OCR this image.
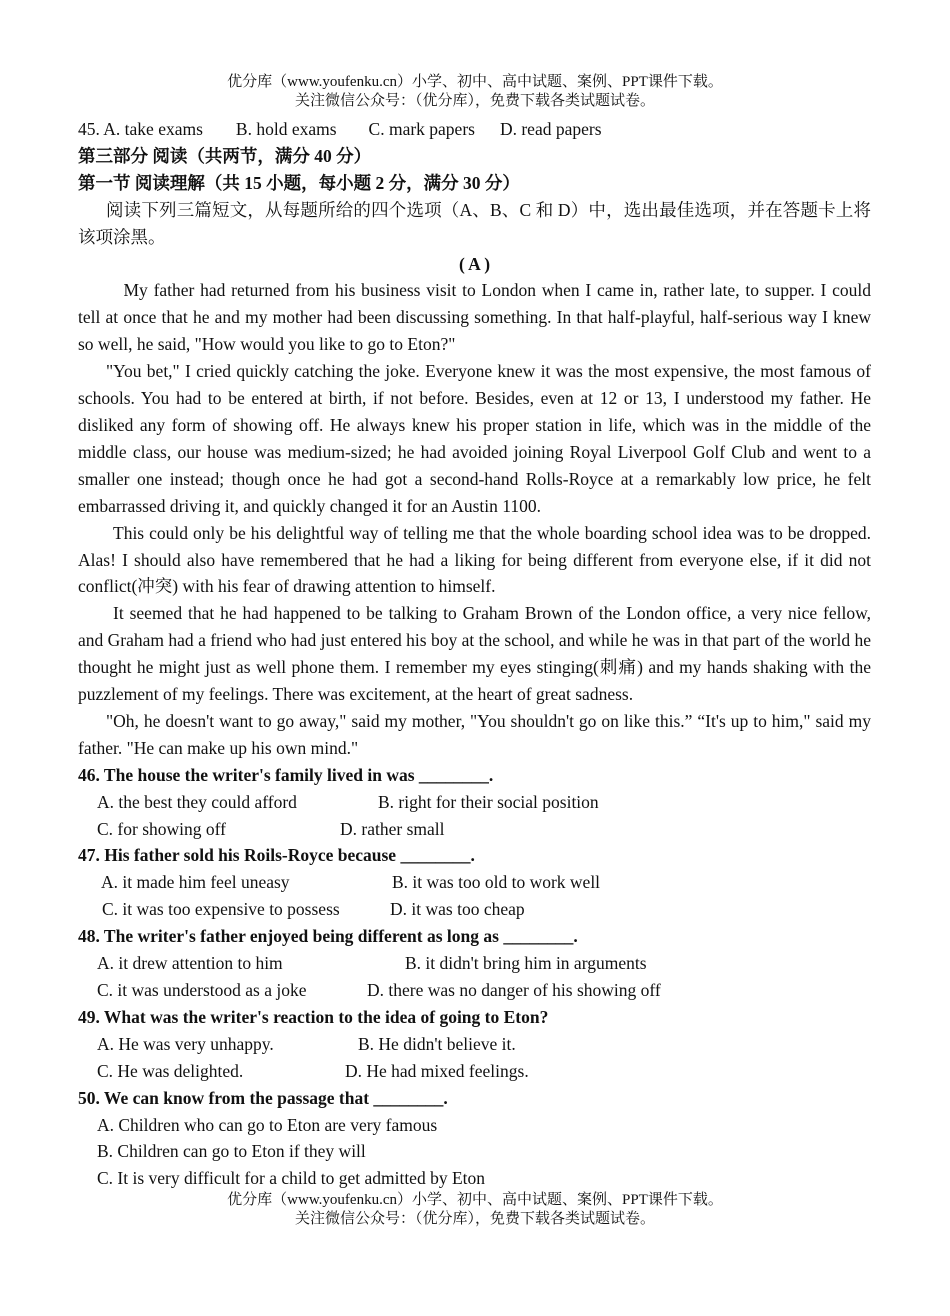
优分库（www.youfenku.cn）小学、初中、高中试题、案例、PPT课件下载。
关注微信公众号：（优分库），免费下载各类试题试卷。
45. A. take exams B. hold exams C. mark papers D. read papers
第三部分 阅读（共两节，满分 40 分）
第一节 阅读理解（共 15 小题，每小题 2 分，满分 30 分）
阅读下列三篇短文，从每题所给的四个选项（A、B、C 和 D）中，选出最佳选项，并在答题卡上将该项涂黑。
( A )
My father had returned from his business visit to London when I came in, rather late, to supper. I could tell at once that he and my mother had been discussing something. In that half-playful, half-serious way I knew so well, he said, "How would you like to go to Eton?"
"You bet," I cried quickly catching the joke. Everyone knew it was the most expensive, the most famous of schools. You had to be entered at birth, if not before. Besides, even at 12 or 13, I understood my father. He disliked any form of showing off. He always knew his proper station in life, which was in the middle of the middle class, our house was medium-sized; he had avoided joining Royal Liverpool Golf Club and went to a smaller one instead; though once he had got a second-hand Rolls-Royce at a remarkably low price, he felt embarrassed driving it, and quickly changed it for an Austin 1100.
This could only be his delightful way of telling me that the whole boarding school idea was to be dropped. Alas! I should also have remembered that he had a liking for being different from everyone else, if it did not conflict(冲突) with his fear of drawing attention to himself.
It seemed that he had happened to be talking to Graham Brown of the London office, a very nice fellow, and Graham had a friend who had just entered his boy at the school, and while he was in that part of the world he thought he might just as well phone them. I remember my eyes stinging(刺痛) and my hands shaking with the puzzlement of my feelings. There was excitement, at the heart of great sadness.
"Oh, he doesn't want to go away," said my mother, "You shouldn't go on like this.” “It's up to him," said my father. "He can make up his own mind."
46. The house the writer's family lived in was ________.
A. the best they could afford	B. right for their social position
C. for showing off	D. rather small
47. His father sold his Roils-Royce because ________.
A. it made him feel uneasy	B. it was too old to work well
C. it was too expensive to possess	D. it was too cheap
48. The writer's father enjoyed being different as long as ________.
A. it drew attention to him	B. it didn't bring him in arguments
C. it was understood as a joke	D. there was no danger of his showing off
49. What was the writer's reaction to the idea of going to Eton?
A. He was very unhappy.	B. He didn't believe it.
C. He was delighted.	D. He had mixed feelings.
50. We can know from the passage that ________.
A. Children who can go to Eton are very famous
B. Children can go to Eton if they will
C. It is very difficult for a child to get admitted by Eton
优分库（www.youfenku.cn）小学、初中、高中试题、案例、PPT课件下载。
关注微信公众号：（优分库），免费下载各类试题试卷。
